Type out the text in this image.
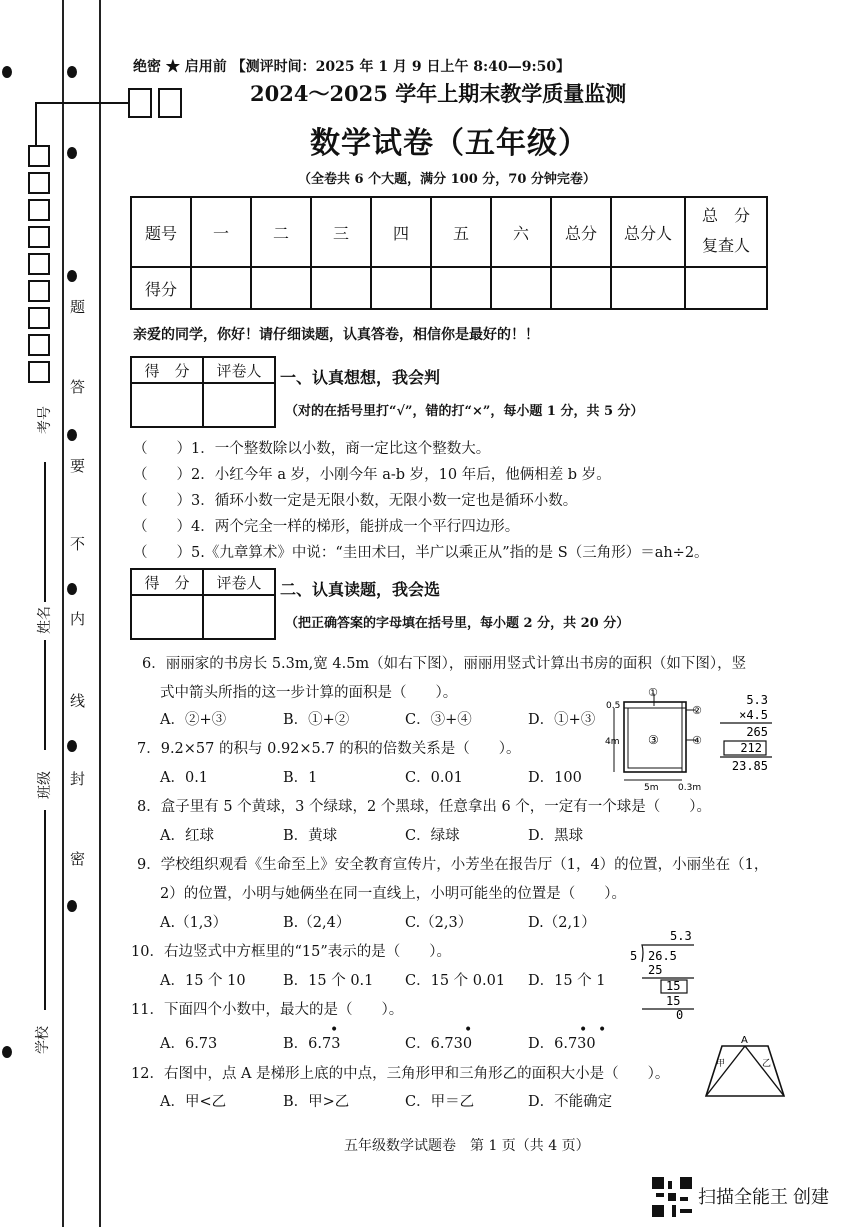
题
答
要
不
内
线
封
密
考号
姓名
班级
学校
绝密 ★ 启用前 【测评时间：2025 年 1 月 9 日上午 8:40—9:50】
2024～2025 学年上期末教学质量监测
数学试卷（五年级）
（全卷共 6 个大题，满分 100 分，70 分钟完卷）
题号	一	二	三	四	五	六	总分	总分人	总　分
复查人

得分									
亲爱的同学，你好！请仔细读题，认真答卷，相信你是最好的！！
得　分	评卷人
	一、认真想想，我会判
（对的在括号里打“√”，错的打“×”，每小题 1 分，共 5 分）
（　　）1．一个整数除以小数，商一定比这个整数大。
（　　）2．小红今年 a 岁，小刚今年 a-b 岁，10 年后，他俩相差 b 岁。
（　　）3．循环小数一定是无限小数，无限小数一定也是循环小数。
（　　）4．两个完全一样的梯形，能拼成一个平行四边形。
（　　）5.《九章算术》中说：“圭田术曰，半广以乘正从”指的是 S（三角形）＝ah÷2。
得　分	评卷人
	二、认真读题，我会选
（把正确答案的字母填在括号里，每小题 2 分，共 20 分）
6．丽丽家的书房长 5.3m,宽 4.5m（如右下图），丽丽用竖式计算出书房的面积（如下图），竖
式中箭头所指的这一步计算的面积是（　　）。
A．②+③	B．①+②	C．③+④	D．①+③
7．9.2×57 的积与 0.92×5.7 的积的倍数关系是（　　）。
A．0.1	B．1	C．0.01	D．100
8．盒子里有 5 个黄球，3 个绿球，2 个黑球，任意拿出 6 个，一定有一个球是（　　）。
A．红球	B．黄球	C．绿球	D．黑球
9．学校组织观看《生命至上》安全教育宣传片，小芳坐在报告厅（1，4）的位置，小丽坐在（1，
2）的位置，小明与她俩坐在同一直线上，小明可能坐的位置是（　　）。
A.（1,3）	B.（2,4）	C.（2,3）	D.（2,1）
10．右边竖式中方框里的“15”表示的是（　　）。
A．15 个 10	B．15 个 0.1 C．15 个 0.01 D．15 个 1
11．下面四个小数中，最大的是（　　）。
A．6.73	B．6.73	C．6.730	D．6.730
•	•	• •
12．右图中，点 A 是梯形上底的中点，三角形甲和三角形乙的面积大小是（　　）。
A．甲<乙	B．甲>乙	C．甲＝乙	D．不能确定
①
②
③	④
0.5
4m
5m 0.3m
5.3
×4.5
265
212
23.85
5.3
5 26.5
25
15
15
0
A
甲	乙
五年级数学试题卷　第 1 页（共 4 页）
扫描全能王 创建
